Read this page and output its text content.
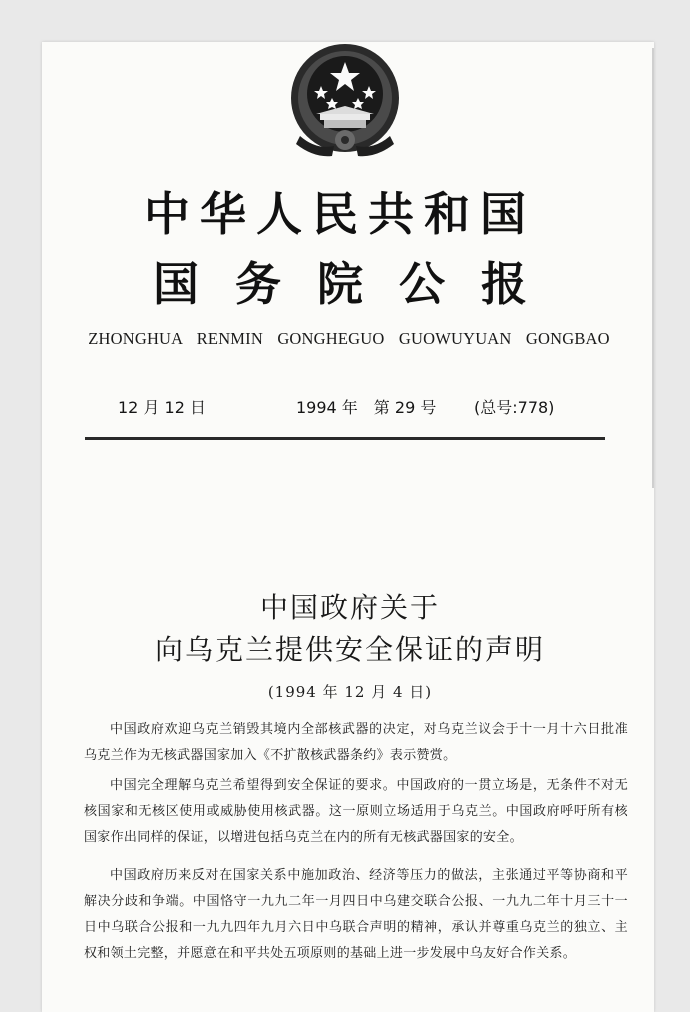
中华人民共和国
国务院公报
ZHONGHUA RENMIN GONGHEGUO GUOWUYUAN GONGBAO
12 月 12 日	1994 年　第 29 号 (总号:778)
中国政府关于
向乌克兰提供安全保证的声明
(1994 年 12 月 4 日)
中国政府欢迎乌克兰销毁其境内全部核武器的决定，对乌克兰议会于十一月十六日批准乌克兰作为无核武器国家加入《不扩散核武器条约》表示赞赏。
中国完全理解乌克兰希望得到安全保证的要求。中国政府的一贯立场是，无条件不对无核国家和无核区使用或威胁使用核武器。这一原则立场适用于乌克兰。中国政府呼吁所有核国家作出同样的保证，以增进包括乌克兰在内的所有无核武器国家的安全。
中国政府历来反对在国家关系中施加政治、经济等压力的做法，主张通过平等协商和平解决分歧和争端。中国恪守一九九二年一月四日中乌建交联合公报、一九九二年十月三十一日中乌联合公报和一九九四年九月六日中乌联合声明的精神，承认并尊重乌克兰的独立、主权和领土完整，并愿意在和平共处五项原则的基础上进一步发展中乌友好合作关系。
